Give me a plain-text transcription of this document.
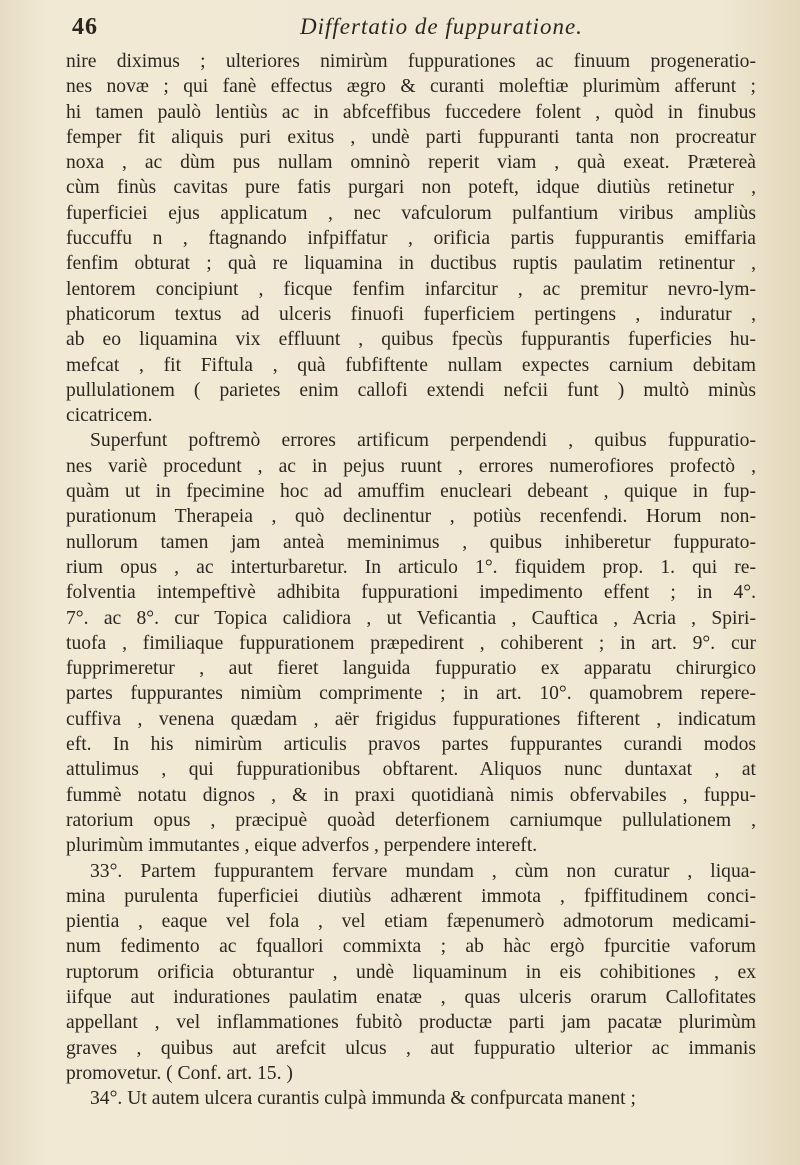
46	Differtatio de fuppuratione.
nire diximus ; ulteriores nimirùm fuppurationes ac finuum progeneratio-
nes novæ ; qui fanè effectus ægro & curanti moleftiæ plurimùm afferunt ;
hi tamen paulò lentiùs ac in abfceffibus fuccedere folent , quòd in finubus
femper fit aliquis puri exitus , undè parti fuppuranti tanta non procreatur
noxa , ac dùm pus nullam omninò reperit viam , quà exeat. Prætereà
cùm finùs cavitas pure fatis purgari non poteft, idque diutiùs retinetur ,
fuperficiei ejus applicatum , nec vafculorum pulfantium viribus ampliùs
fuccuffu n , ftagnando infpiffatur , orificia partis fuppurantis emiffaria
fenfim obturat ; quà re liquamina in ductibus ruptis paulatim retinentur ,
lentorem concipiunt , ficque fenfim infarcitur , ac premitur nevro-lym-
phaticorum textus ad ulceris finuofi fuperficiem pertingens , induratur ,
ab eo liquamina vix effluunt , quibus fpecùs fuppurantis fuperficies hu-
mefcat , fit Fiftula , quà fubfiftente nullam expectes carnium debitam
pullulationem ( parietes enim callofi extendi nefcii funt ) multò minùs
cicatricem.
Superfunt poftremò errores artificum perpendendi , quibus fuppuratio-
nes variè procedunt , ac in pejus ruunt , errores numerofiores profectò ,
quàm ut in fpecimine hoc ad amuffim enucleari debeant , quique in fup-
purationum Therapeia , quò declinentur , potiùs recenfendi. Horum non-
nullorum tamen jam anteà meminimus , quibus inhiberetur fuppurato-
rium opus , ac interturbaretur. In articulo 1°. fiquidem prop. 1. qui re-
folventia intempeftivè adhibita fuppurationi impedimento effent ; in 4°.
7°. ac 8°. cur Topica calidiora , ut Veficantia , Cauftica , Acria , Spiri-
tuofa , fimiliaque fuppurationem præpedirent , cohiberent ; in art. 9°. cur
fupprimeretur , aut fieret languida fuppuratio ex apparatu chirurgico
partes fuppurantes nimiùm comprimente ; in art. 10°. quamobrem repere-
cuffiva , venena quædam , aër frigidus fuppurationes fifterent , indicatum
eft. In his nimirùm articulis pravos partes fuppurantes curandi modos
attulimus , qui fuppurationibus obftarent. Aliquos nunc duntaxat , at
fummè notatu dignos , & in praxi quotidianà nimis obfervabiles , fuppu-
ratorium opus , præcipuè quoàd deterfionem carniumque pullulationem ,
plurimùm immutantes , eique adverfos , perpendere intereft.
33°. Partem fuppurantem fervare mundam , cùm non curatur , liqua-
mina purulenta fuperficiei diutiùs adhærent immota , fpiffitudinem conci-
pientia , eaque vel fola , vel etiam fæpenumerò admotorum medicami-
num fedimento ac fquallori commixta ; ab hàc ergò fpurcitie vaforum
ruptorum orificia obturantur , undè liquaminum in eis cohibitiones , ex
iifque aut indurationes paulatim enatæ , quas ulceris orarum Callofitates
appellant , vel inflammationes fubitò productæ parti jam pacatæ plurimùm
graves , quibus aut arefcit ulcus , aut fuppuratio ulterior ac immanis
promovetur. ( Conf. art. 15. )
34°. Ut autem ulcera curantis culpà immunda & confpurcata manent ;
